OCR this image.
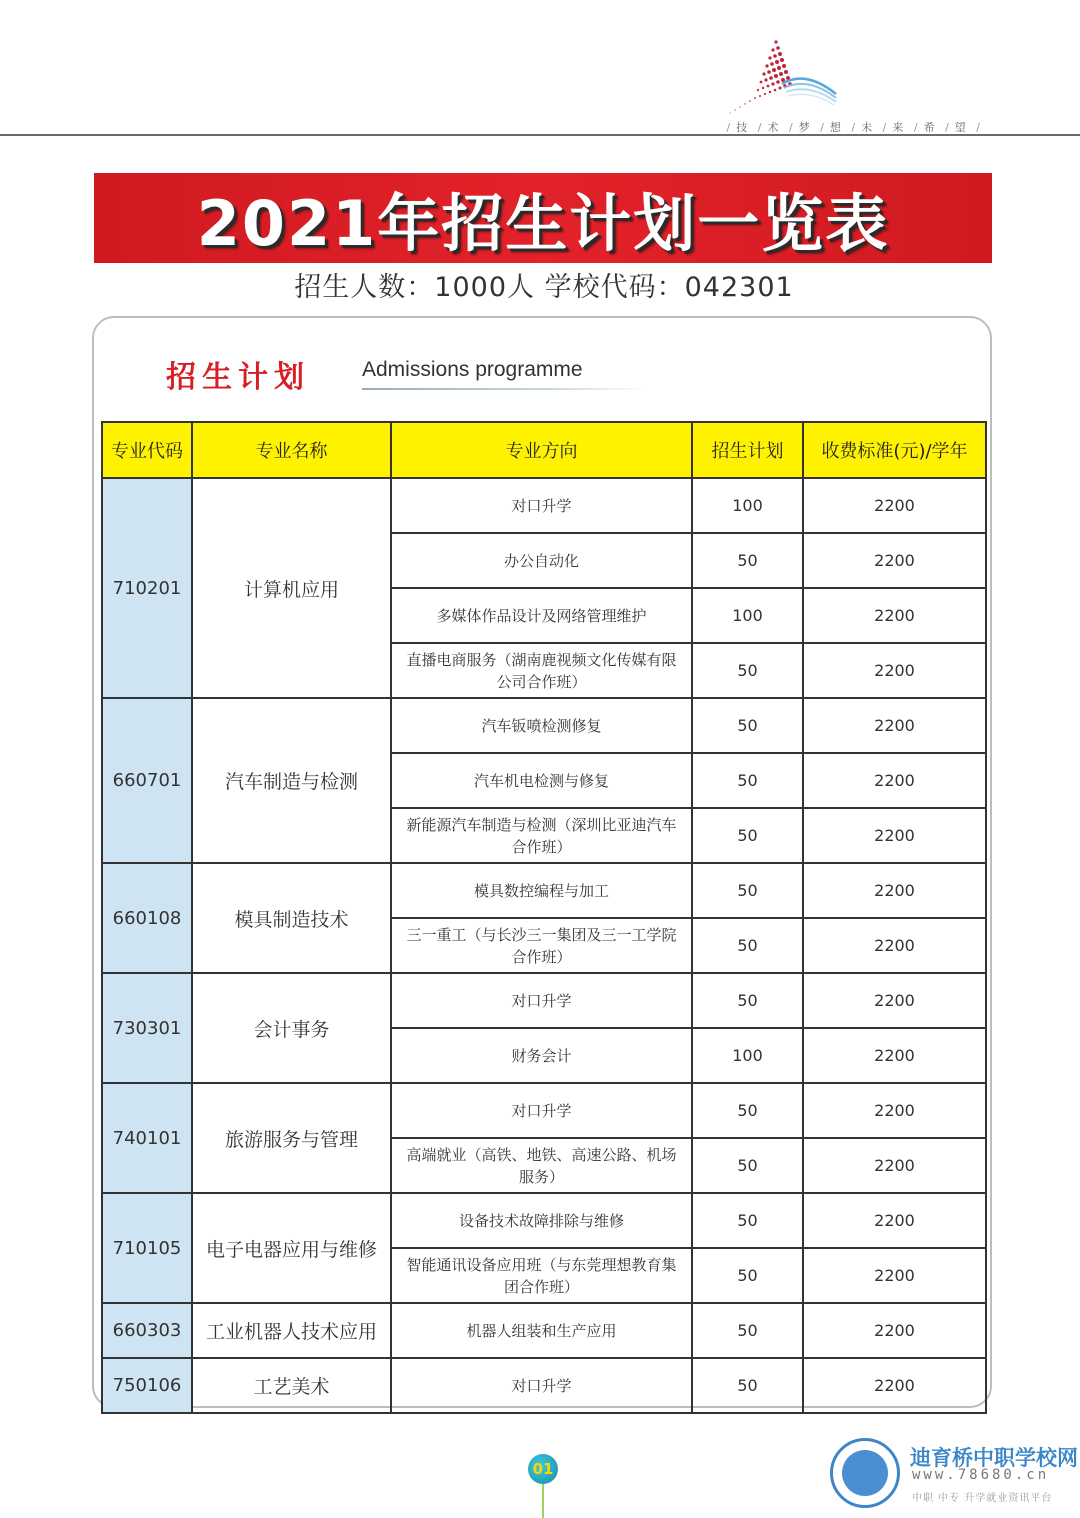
/ 技 / 术 / 梦 / 想 / 未 / 来 / 希 / 望 /
2021年招生计划一览表
招生人数：1000人 学校代码：042301
招生计划 Admissions programme
专业代码	专业名称	专业方向	招生计划	收费标准(元)/学年
710201	计算机应用	对口升学	100	2200
		办公自动化	50	2200
		多媒体作品设计及网络管理维护	100	2200
		直播电商服务（湖南鹿视频文化传媒有限公司合作班）	50	2200
660701	汽车制造与检测	汽车钣喷检测修复	50	2200
		汽车机电检测与修复	50	2200
		新能源汽车制造与检测（深圳比亚迪汽车合作班）	50	2200
660108	模具制造技术	模具数控编程与加工	50	2200
		三一重工（与长沙三一集团及三一工学院合作班）	50	2200
730301	会计事务	对口升学	50	2200
		财务会计	100	2200
740101	旅游服务与管理	对口升学	50	2200
		高端就业（高铁、地铁、高速公路、机场服务）	50	2200
710105	电子电器应用与维修	设备技术故障排除与维修	50	2200
		智能通讯设备应用班（与东莞理想教育集团合作班）	50	2200
660303	工业机器人技术应用	机器人组装和生产应用	50	2200
750106	工艺美术	对口升学	50	2200
01	迪育桥中职学校网
www.78680.cn
中职 中专 升学就业资讯平台
